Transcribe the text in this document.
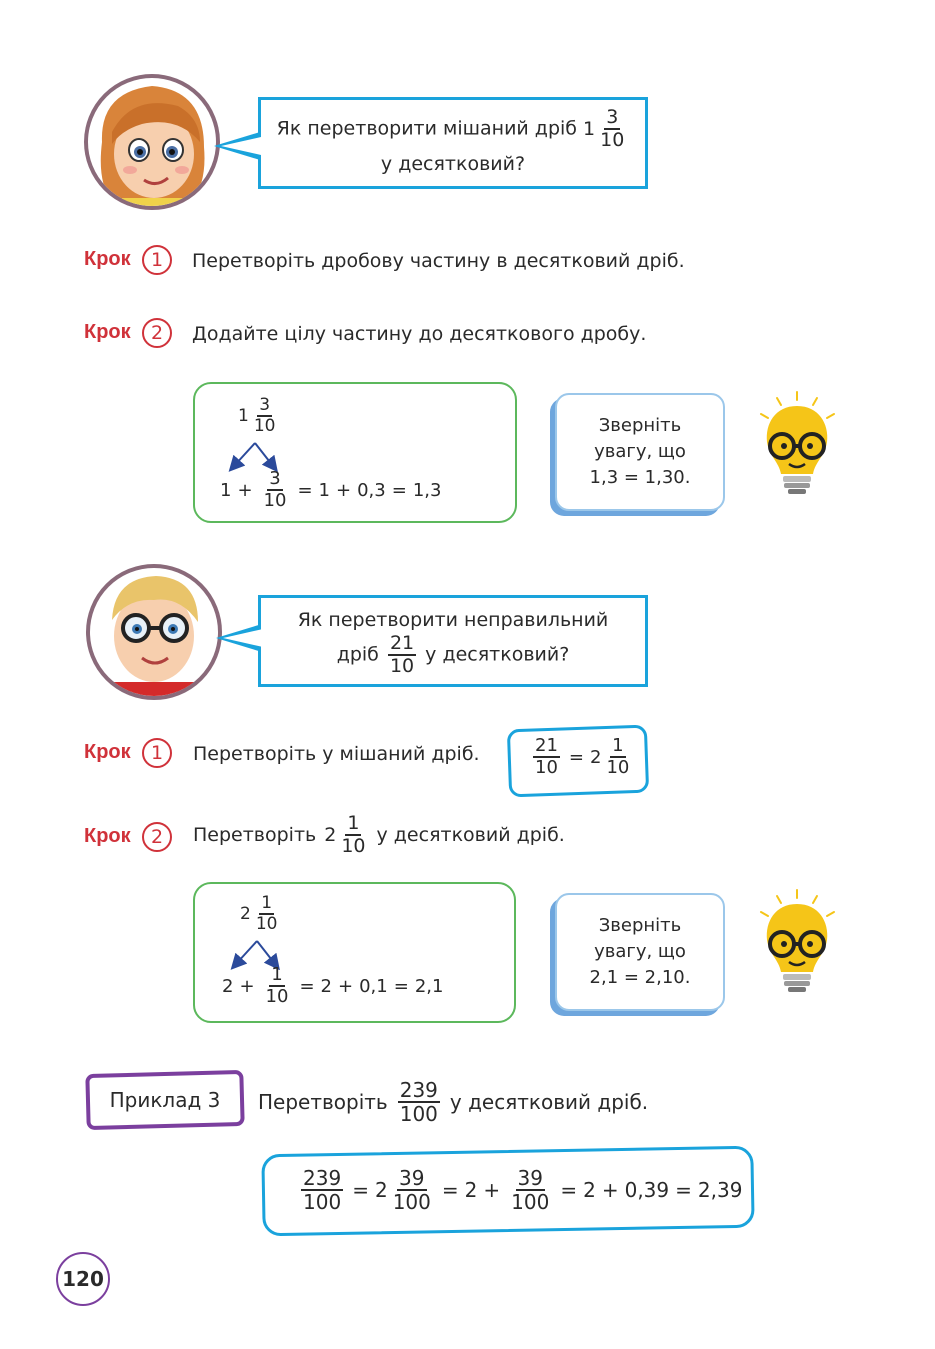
Як перетворити мішаний дріб $1 \frac{3}{10}$
у десятковий?
Крок	1	Перетворіть дробову частину в десятковий дріб.
Крок	2	Додайте цілу частину до десяткового дробу.
$1 \frac{3}{10}$
$1 + \frac{3}{10} = 1 + 0,3 = 1,3$
Зверніть
увагу, що
1,3 = 1,30.
Як перетворити неправильний
дріб $\frac{21}{10}$ у десятковий?
Крок	1	Перетворіть у мішаний дріб.	$\frac{21}{10} = 2 \frac{1}{10}$
Крок	2	Перетворіть $2 \frac{1}{10}$ у десятковий дріб.
$2 \frac{1}{10}$
$2 + \frac{1}{10} = 2 + 0,1 = 2,1$
Зверніть
увагу, що
2,1 = 2,10.
Приклад 3	Перетворіть $\frac{239}{100}$ у десятковий дріб.
$\frac{239}{100} = 2 \frac{39}{100} = 2 + \frac{39}{100} = 2 + 0,39 = 2,39$
120
